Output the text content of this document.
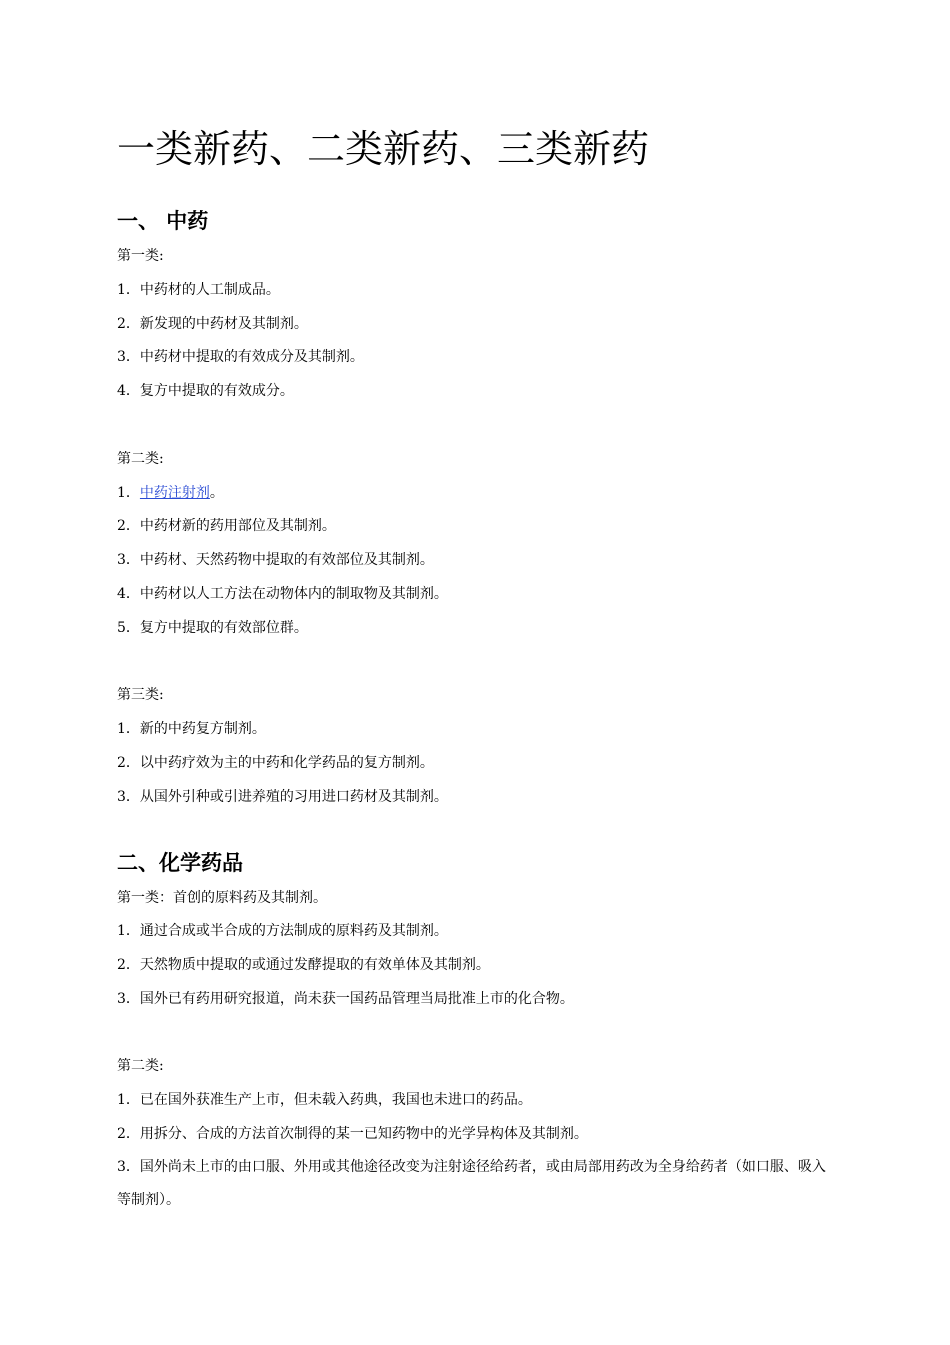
一类新药、二类新药、三类新药
一、 中药
第一类:
1．中药材的人工制成品。
2．新发现的中药材及其制剂。
3．中药材中提取的有效成分及其制剂。
4．复方中提取的有效成分。
第二类:
1．中药注射剂。
2．中药材新的药用部位及其制剂。
3．中药材、天然药物中提取的有效部位及其制剂。
4．中药材以人工方法在动物体内的制取物及其制剂。
5．复方中提取的有效部位群。
第三类:
1．新的中药复方制剂。
2．以中药疗效为主的中药和化学药品的复方制剂。
3．从国外引种或引进养殖的习用进口药材及其制剂。
二、化学药品
第一类：首创的原料药及其制剂。
1．通过合成或半合成的方法制成的原料药及其制剂。
2．天然物质中提取的或通过发酵提取的有效单体及其制剂。
3．国外已有药用研究报道，尚未获一国药品管理当局批准上市的化合物。
第二类:
1．已在国外获准生产上市，但未载入药典，我国也未进口的药品。
2．用拆分、合成的方法首次制得的某一已知药物中的光学异构体及其制剂。
3．国外尚未上市的由口服、外用或其他途径改变为注射途径给药者，或由局部用药改为全身给药者（如口服、吸入等制剂）。
